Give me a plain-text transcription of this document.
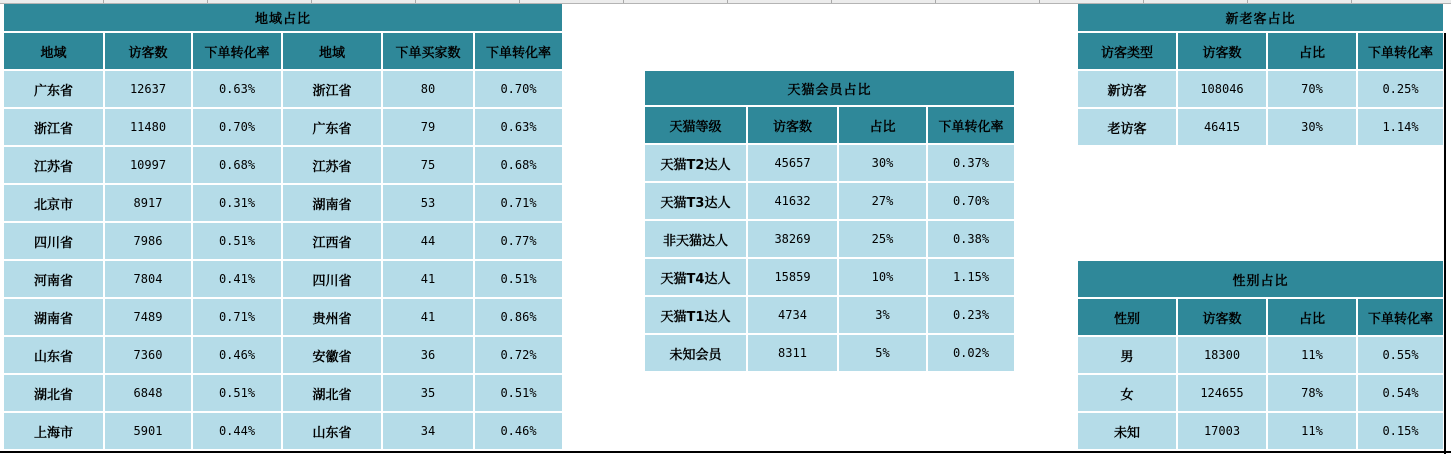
地域占比
地域	访客数	下单转化率	地域	下单买家数	下单转化率
广东省	12637	0.63%	浙江省	80	0.70%
浙江省	11480	0.70%	广东省	79	0.63%
江苏省	10997	0.68%	江苏省	75	0.68%
北京市	8917	0.31%	湖南省	53	0.71%
四川省	7986	0.51%	江西省	44	0.77%
河南省	7804	0.41%	四川省	41	0.51%
湖南省	7489	0.71%	贵州省	41	0.86%
山东省	7360	0.46%	安徽省	36	0.72%
湖北省	6848	0.51%	湖北省	35	0.51%
上海市	5901	0.44%	山东省	34	0.46%
天猫会员占比
天猫等级	访客数	占比	下单转化率
天猫T2达人	45657	30%	0.37%
天猫T3达人	41632	27%	0.70%
非天猫达人	38269	25%	0.38%
天猫T4达人	15859	10%	1.15%
天猫T1达人	4734	3%	0.23%
未知会员	8311	5%	0.02%
新老客占比
访客类型	访客数	占比	下单转化率
新访客	108046	70%	0.25%
老访客	46415	30%	1.14%
性别占比
性别	访客数	占比	下单转化率
男	18300	11%	0.55%
女	124655	78%	0.54%
未知	17003	11%	0.15%
